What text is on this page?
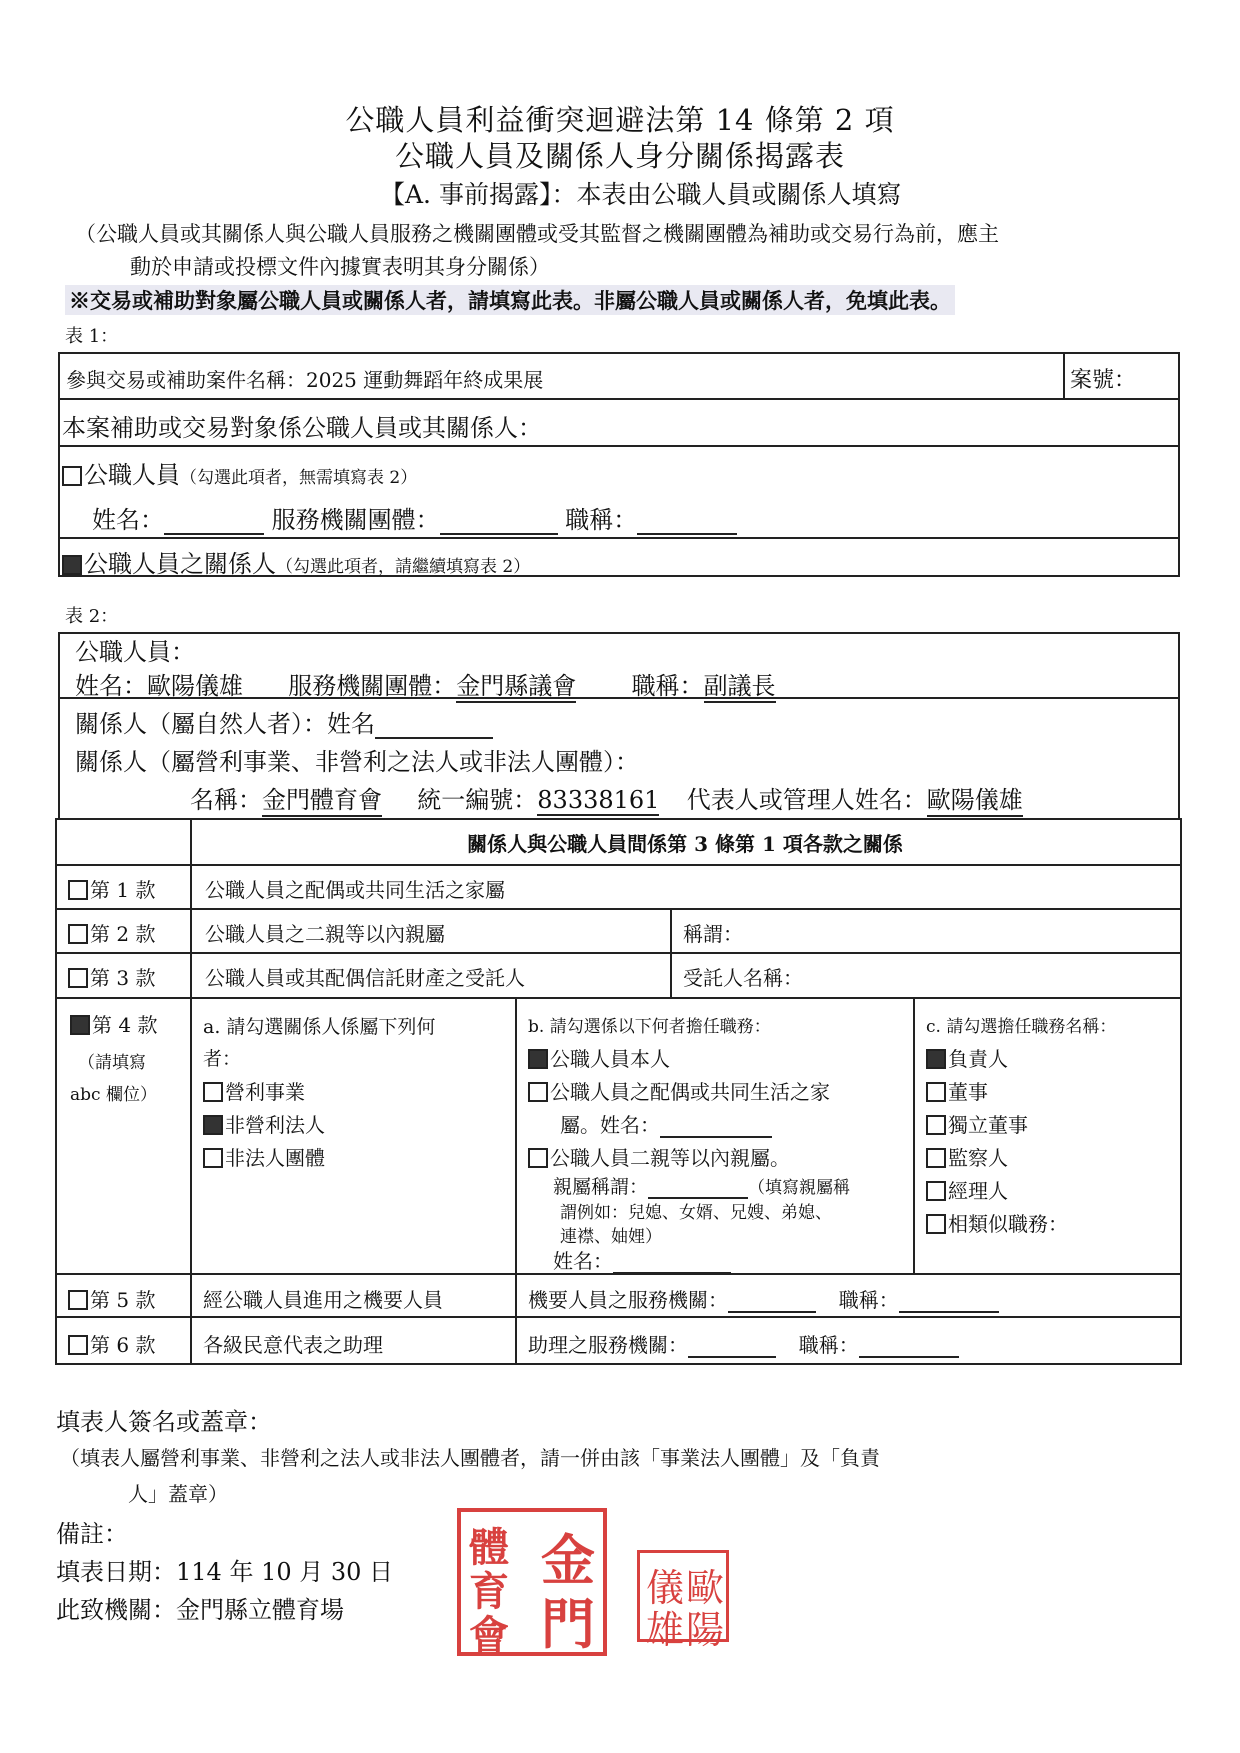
公職人員利益衝突迴避法第 14 條第 2 項
公職人員及關係人身分關係揭露表
【A. 事前揭露】：本表由公職人員或關係人填寫
（公職人員或其關係人與公職人員服務之機關團體或受其監督之機關團體為補助或交易行為前，應主
動於申請或投標文件內據實表明其身分關係）
※交易或補助對象屬公職人員或關係人者，請填寫此表。非屬公職人員或關係人者，免填此表。
表 1：
參與交易或補助案件名稱：2025 運動舞蹈年終成果展	案號：
本案補助或交易對象係公職人員或其關係人：
公職人員（勾選此項者，無需填寫表 2）
姓名：	服務機關團體：	職稱：
公職人員之關係人（勾選此項者，請繼續填寫表 2）
表 2：
公職人員：
姓名：歐陽儀雄 服務機關團體：金門縣議會 職稱：副議長
關係人（屬自然人者）：姓名
關係人（屬營利事業、非營利之法人或非法人團體）：
名稱：金門體育會 統一編號：83338161 代表人或管理人姓名：歐陽儀雄
關係人與公職人員間係第 3 條第 1 項各款之關係
第 1 款 公職人員之配偶或共同生活之家屬
第 2 款 公職人員之二親等以內親屬	稱謂：
第 3 款 公職人員或其配偶信託財產之受託人	受託人名稱：
第 4 款
（請填寫
abc 欄位）
a. 請勾選關係人係屬下列何
者：
營利事業
非營利法人
非法人團體
b. 請勾選係以下何者擔任職務：
公職人員本人
公職人員之配偶或共同生活之家
屬。姓名：
公職人員二親等以內親屬。
親屬稱謂：	（填寫親屬稱
謂例如：兒媳、女婿、兄嫂、弟媳、
連襟、妯娌）
姓名：
c. 請勾選擔任職務名稱：
負責人
董事
獨立董事
監察人
經理人
相類似職務：
第 5 款 經公職人員進用之機要人員	機要人員之服務機關：	職稱：
第 6 款 各級民意代表之助理	助理之服務機關：	職稱：
填表人簽名或蓋章：
（填表人屬營利事業、非營利之法人或非法人團體者，請一併由該「事業法人團體」及「負責
人」蓋章）
備註：
填表日期：114 年 10 月 30 日
此致機關：金門縣立體育場
金
門
體
育
會
歐
陽
儀
雄
